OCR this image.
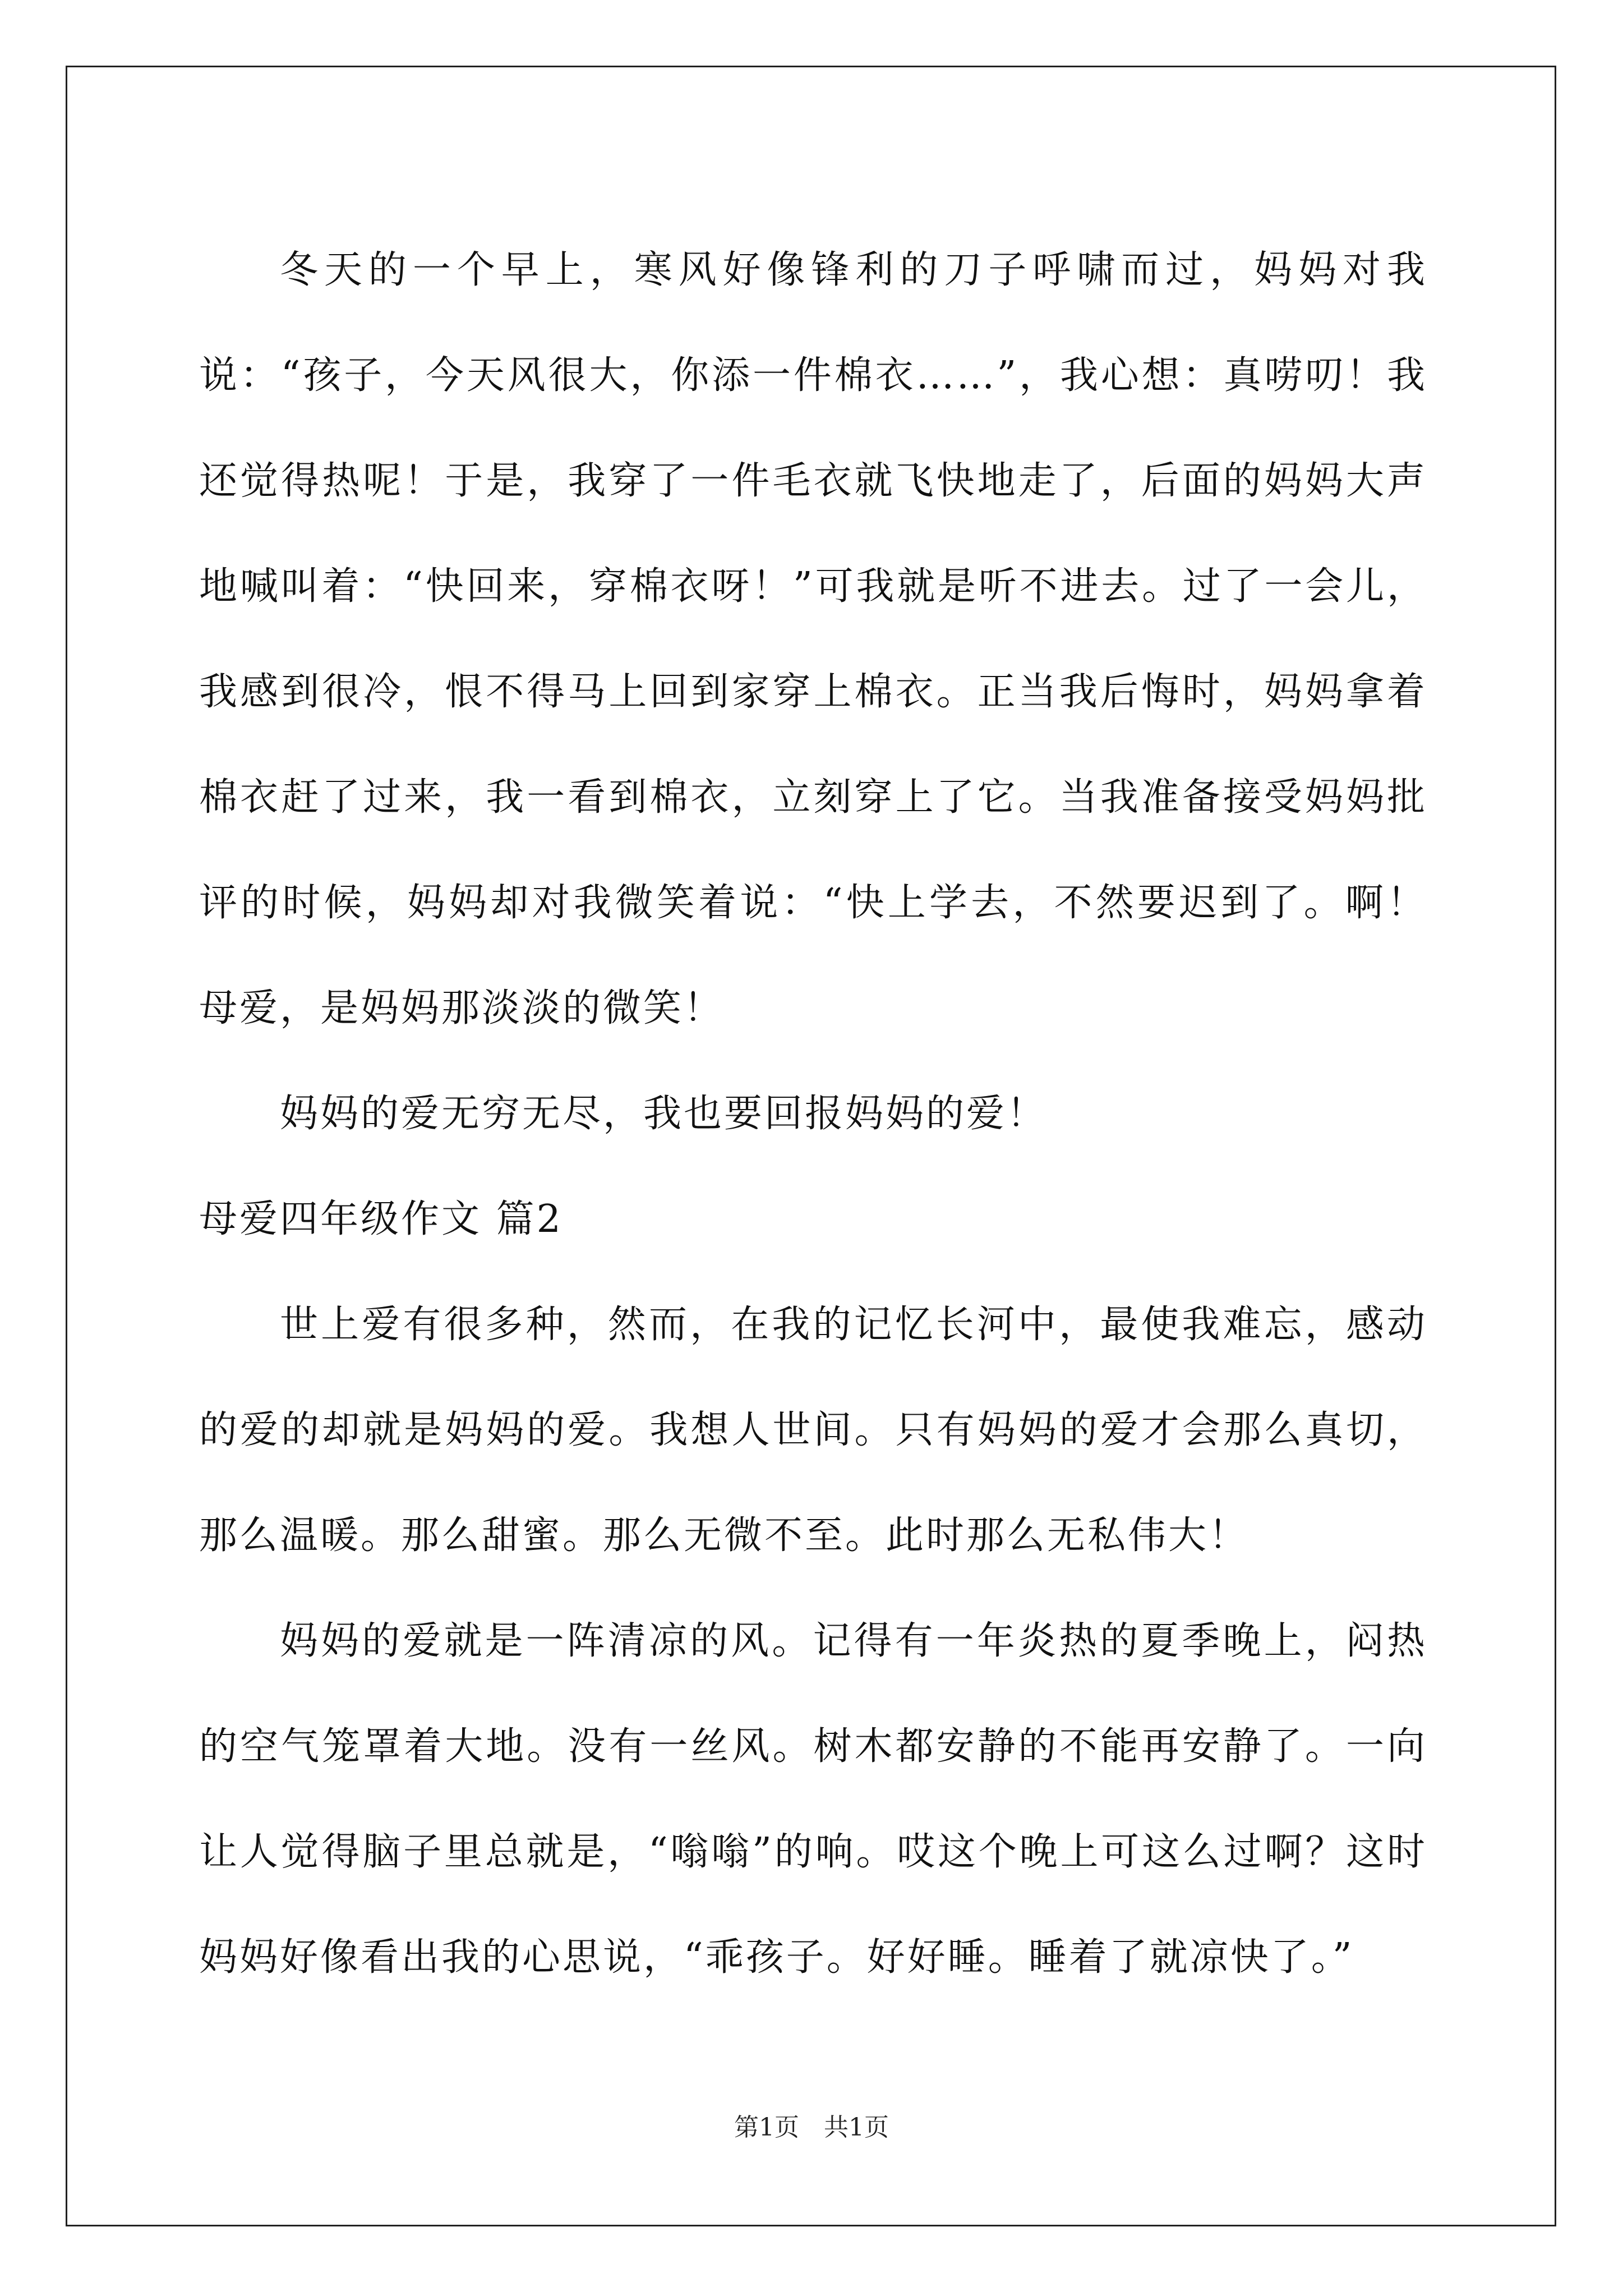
冬天的一个早上，寒风好像锋利的刀子呼啸而过，妈妈对我说：“孩子，今天风很大，你添一件棉衣……”，我心想：真唠叨！我还觉得热呢！于是，我穿了一件毛衣就飞快地走了，后面的妈妈大声地喊叫着：“快回来，穿棉衣呀！”可我就是听不进去。过了一会儿，我感到很冷，恨不得马上回到家穿上棉衣。正当我后悔时，妈妈拿着棉衣赶了过来，我一看到棉衣，立刻穿上了它。当我准备接受妈妈批评的时候，妈妈却对我微笑着说：“快上学去，不然要迟到了。啊！母爱，是妈妈那淡淡的微笑！

妈妈的爱无穷无尽，我也要回报妈妈的爱！

母爱四年级作文 篇2

世上爱有很多种，然而，在我的记忆长河中，最使我难忘，感动的爱的却就是妈妈的爱。我想人世间。只有妈妈的爱才会那么真切，那么温暖。那么甜蜜。那么无微不至。此时那么无私伟大！

妈妈的爱就是一阵清凉的风。记得有一年炎热的夏季晚上，闷热的空气笼罩着大地。没有一丝风。树木都安静的不能再安静了。一向让人觉得脑子里总就是，“嗡嗡”的响。哎这个晚上可这么过啊？这时妈妈好像看出我的心思说，“乖孩子。好好睡。睡着了就凉快了。”

第1页　共1页
